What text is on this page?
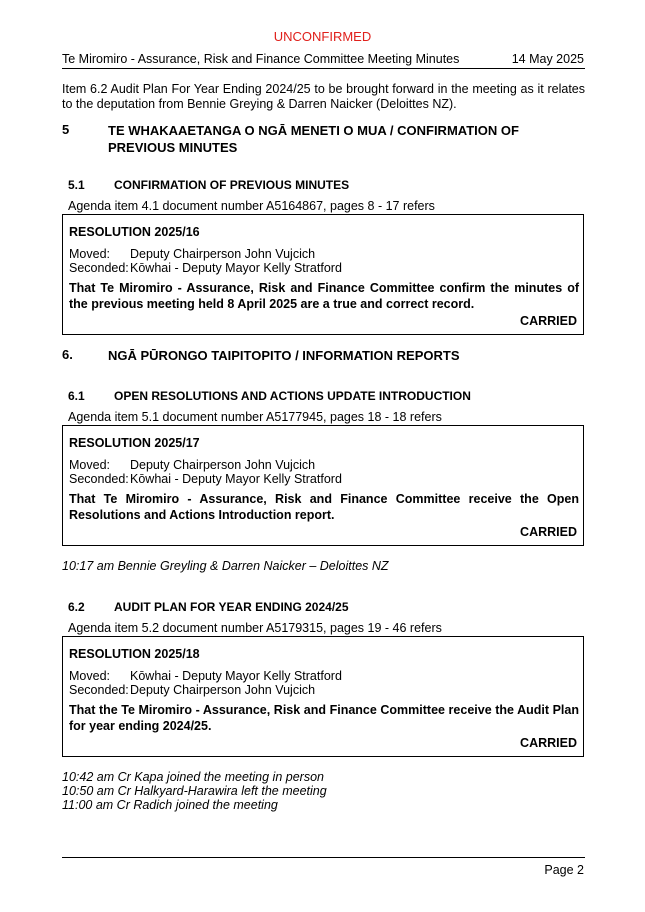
UNCONFIRMED
Te Miromiro - Assurance, Risk and Finance Committee Meeting Minutes	14 May 2025
Item 6.2 Audit Plan For Year Ending 2024/25 to be brought forward in the meeting as it relates to the deputation from Bennie Greying & Darren Naicker (Deloittes NZ).
5	TE WHAKAAETANGA O NGĀ MENETI O MUA / CONFIRMATION OF PREVIOUS MINUTES
5.1 CONFIRMATION OF PREVIOUS MINUTES
Agenda item 4.1 document number A5164867, pages 8 - 17 refers
RESOLUTION 2025/16
Moved: Deputy Chairperson John Vujcich
Seconded:Kōwhai - Deputy Mayor Kelly Stratford
That Te Miromiro - Assurance, Risk and Finance Committee confirm the minutes of the previous meeting held 8 April 2025 are a true and correct record.
CARRIED
6.	NGĀ PŪRONGO TAIPITOPITO / INFORMATION REPORTS
6.1 OPEN RESOLUTIONS AND ACTIONS UPDATE INTRODUCTION
Agenda item 5.1 document number A5177945, pages 18 - 18 refers
RESOLUTION 2025/17
Moved: Deputy Chairperson John Vujcich
Seconded:Kōwhai - Deputy Mayor Kelly Stratford
That Te Miromiro - Assurance, Risk and Finance Committee receive the Open Resolutions and Actions Introduction report.
CARRIED
10:17 am Bennie Greyling & Darren Naicker – Deloittes NZ
6.2 AUDIT PLAN FOR YEAR ENDING 2024/25
Agenda item 5.2 document number A5179315, pages 19 - 46 refers
RESOLUTION 2025/18
Moved: Kōwhai - Deputy Mayor Kelly Stratford
Seconded:Deputy Chairperson John Vujcich
That the Te Miromiro - Assurance, Risk and Finance Committee receive the Audit Plan for year ending 2024/25.
CARRIED
10:42 am Cr Kapa joined the meeting in person
10:50 am Cr Halkyard-Harawira left the meeting
11:00 am Cr Radich joined the meeting
Page 2
